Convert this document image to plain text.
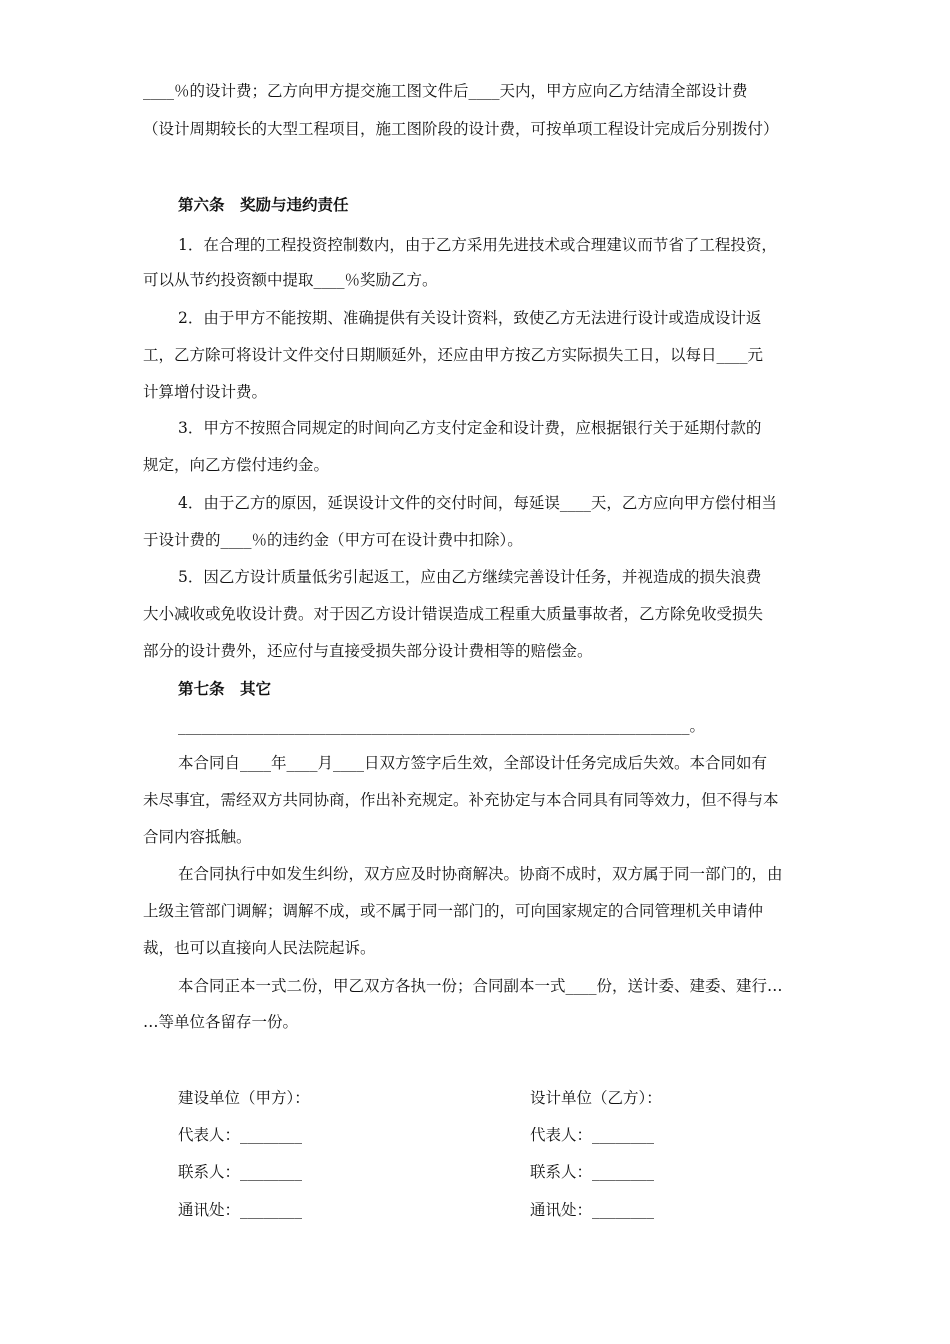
____％的设计费；乙方向甲方提交施工图文件后____天内，甲方应向乙方结清全部设计费
（设计周期较长的大型工程项目，施工图阶段的设计费，可按单项工程设计完成后分别拨付）
第六条　奖励与违约责任
1．在合理的工程投资控制数内，由于乙方采用先进技术或合理建议而节省了工程投资，
可以从节约投资额中提取____％奖励乙方。
2．由于甲方不能按期、准确提供有关设计资料，致使乙方无法进行设计或造成设计返
工，乙方除可将设计文件交付日期顺延外，还应由甲方按乙方实际损失工日，以每日____元
计算增付设计费。
3．甲方不按照合同规定的时间向乙方支付定金和设计费，应根据银行关于延期付款的
规定，向乙方偿付违约金。
4．由于乙方的原因，延误设计文件的交付时间，每延误____天，乙方应向甲方偿付相当
于设计费的____％的违约金（甲方可在设计费中扣除）。
5．因乙方设计质量低劣引起返工，应由乙方继续完善设计任务，并视造成的损失浪费
大小减收或免收设计费。对于因乙方设计错误造成工程重大质量事故者，乙方除免收受损失
部分的设计费外，还应付与直接受损失部分设计费相等的赔偿金。
第七条　其它
__________________________________________________________________。
本合同自____年____月____日双方签字后生效，全部设计任务完成后失效。本合同如有
未尽事宜，需经双方共同协商，作出补充规定。补充协定与本合同具有同等效力，但不得与本
合同内容抵触。
在合同执行中如发生纠纷，双方应及时协商解决。协商不成时，双方属于同一部门的，由
上级主管部门调解；调解不成，或不属于同一部门的，可向国家规定的合同管理机关申请仲
裁，也可以直接向人民法院起诉。
本合同正本一式二份，甲乙双方各执一份；合同副本一式____份，送计委、建委、建行…
…等单位各留存一份。
建设单位（甲方）：	设计单位（乙方）：
代表人：________	代表人：________
联系人：________	联系人：________
通讯处：________	通讯处：________
